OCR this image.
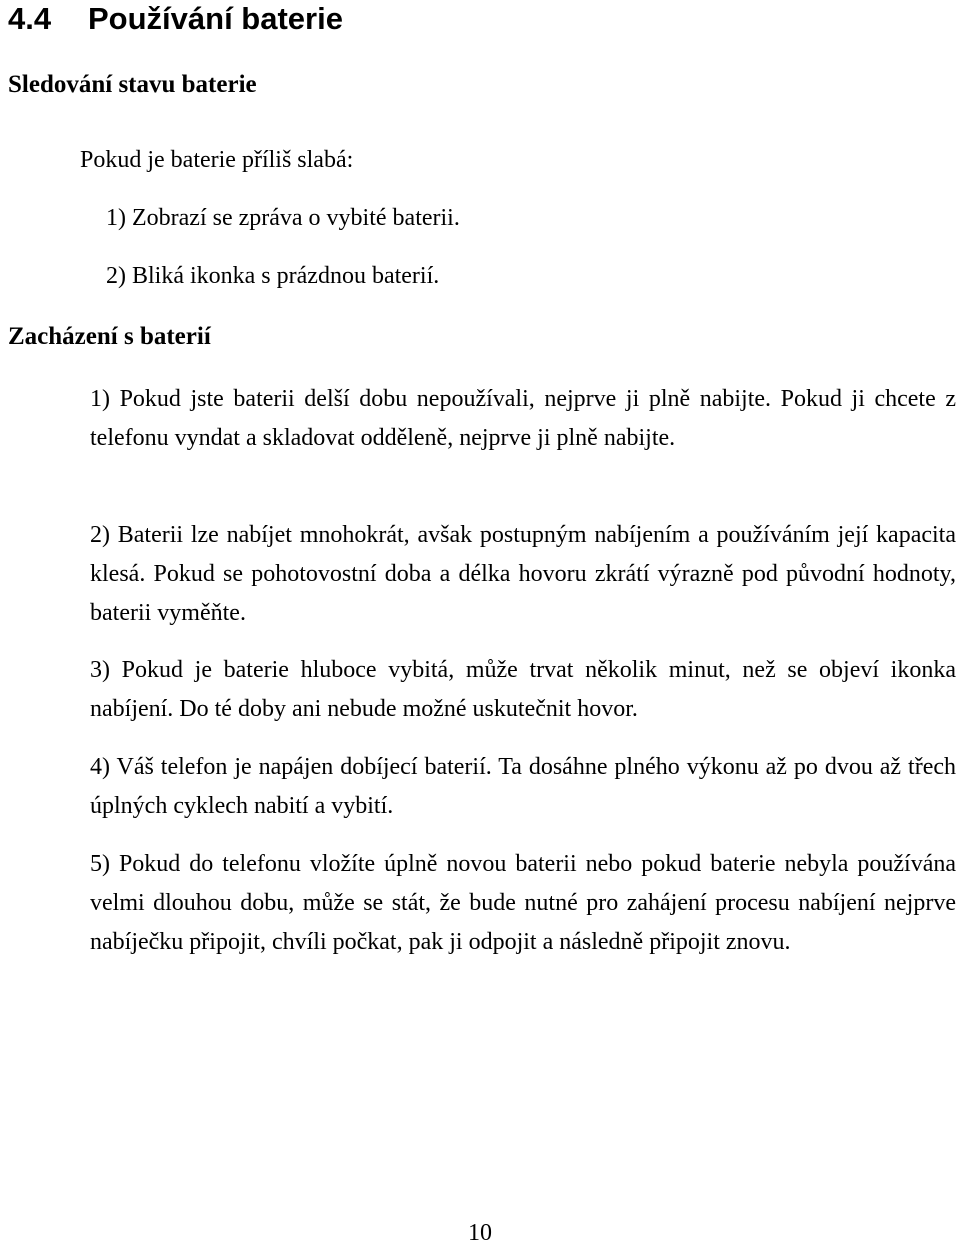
4.4 Používání baterie
Sledování stavu baterie

Pokud je baterie příliš slabá:

1) Zobrazí se zpráva o vybité baterii.

2) Bliká ikonka s prázdnou baterií.

Zacházení s baterií

1) Pokud jste baterii delší dobu nepoužívali, nejprve ji plně nabijte. Pokud ji chcete z telefonu vyndat a skladovat odděleně, nejprve ji plně nabijte.

2) Baterii lze nabíjet mnohokrát, avšak postupným nabíjením a používáním její kapacita klesá. Pokud se pohotovostní doba a délka hovoru zkrátí výrazně pod původní hodnoty, baterii vyměňte.

3) Pokud je baterie hluboce vybitá, může trvat několik minut, než se objeví ikonka nabíjení. Do té doby ani nebude možné uskutečnit hovor.

4) Váš telefon je napájen dobíjecí baterií. Ta dosáhne plného výkonu až po dvou až třech úplných cyklech nabití a vybití.

5) Pokud do telefonu vložíte úplně novou baterii nebo pokud baterie nebyla používána velmi dlouhou dobu, může se stát, že bude nutné pro zahájení procesu nabíjení nejprve nabíječku připojit, chvíli počkat, pak ji odpojit a následně připojit znovu.

10
